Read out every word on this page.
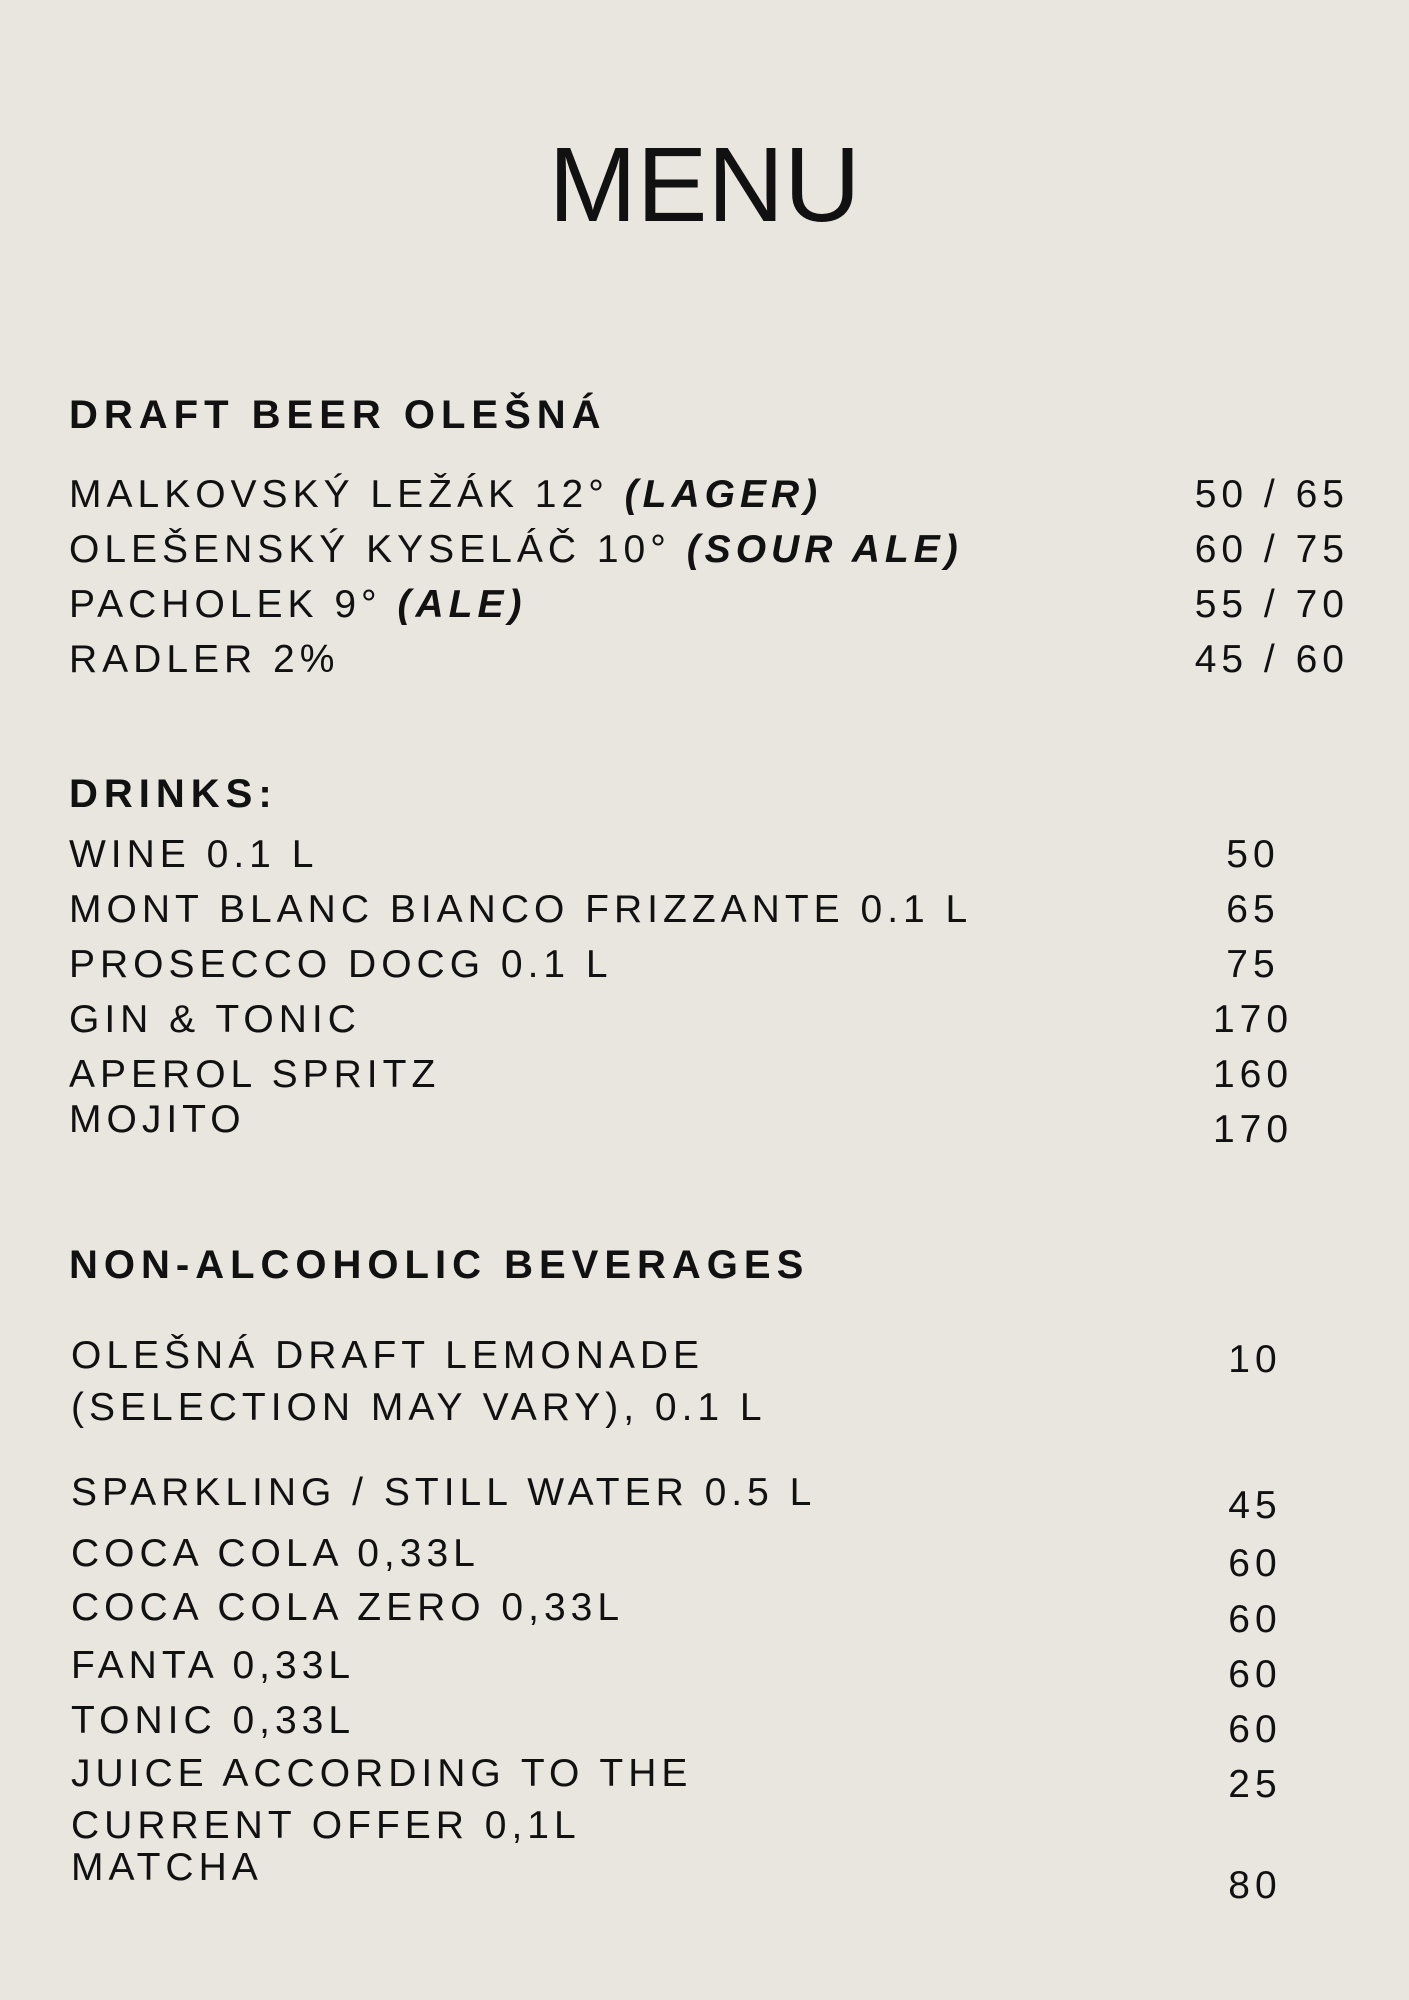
MENU
DRAFT BEER OLEŠNÁ
MALKOVSKÝ LEŽÁK 12° (LAGER)	50 / 65
OLEŠENSKÝ KYSELÁČ 10° (SOUR ALE)	60 / 75
PACHOLEK 9° (ALE)	55 / 70
RADLER 2%	45 / 60
DRINKS:
WINE 0.1 L	50
MONT BLANC BIANCO FRIZZANTE 0.1 L	65
PROSECCO DOCG 0.1 L	75
GIN & TONIC	170
APEROL SPRITZ	160
MOJITO	170
NON-ALCOHOLIC BEVERAGES
OLEŠNÁ DRAFT LEMONADE
(SELECTION MAY VARY), 0.1 L
10
SPARKLING / STILL WATER 0.5 L	45
COCA COLA 0,33L	60
COCA COLA ZERO 0,33L	60
FANTA 0,33L	60
TONIC 0,33L	60
JUICE ACCORDING TO THE
CURRENT OFFER 0,1L
25
MATCHA	80
